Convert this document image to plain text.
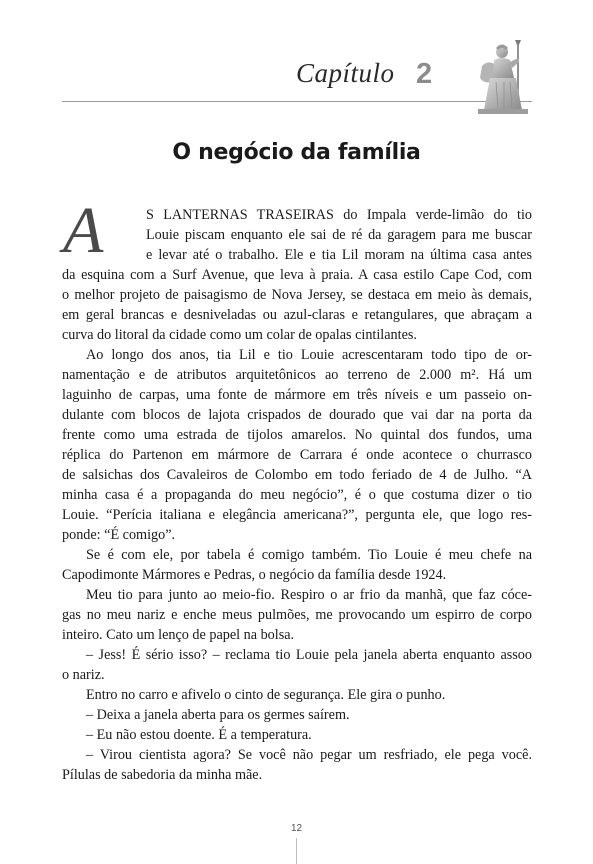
Capítulo 2
O negócio da família
A	S LANTERNAS TRASEIRAS do Impala verde-limão do tio
Louie piscam enquanto ele sai de ré da garagem para me buscar
e levar até o trabalho. Ele e tia Lil moram na última casa antes
da esquina com a Surf Avenue, que leva à praia. A casa estilo Cape Cod, com
o melhor projeto de paisagismo de Nova Jersey, se destaca em meio às demais,
em geral brancas e desniveladas ou azul-claras e retangulares, que abraçam a
curva do litoral da cidade como um colar de opalas cintilantes.
Ao longo dos anos, tia Lil e tio Louie acrescentaram todo tipo de or-
namentação e de atributos arquitetônicos ao terreno de 2.000 m². Há um
laguinho de carpas, uma fonte de mármore em três níveis e um passeio on-
dulante com blocos de lajota crispados de dourado que vai dar na porta da
frente como uma estrada de tijolos amarelos. No quintal dos fundos, uma
réplica do Partenon em mármore de Carrara é onde acontece o churrasco
de salsichas dos Cavaleiros de Colombo em todo feriado de 4 de Julho. “A
minha casa é a propaganda do meu negócio”, é o que costuma dizer o tio
Louie. “Perícia italiana e elegância americana?”, pergunta ele, que logo res-
ponde: “É comigo”.
Se é com ele, por tabela é comigo também. Tio Louie é meu chefe na
Capodimonte Mármores e Pedras, o negócio da família desde 1924.
Meu tio para junto ao meio-fio. Respiro o ar frio da manhã, que faz cóce-
gas no meu nariz e enche meus pulmões, me provocando um espirro de corpo
inteiro. Cato um lenço de papel na bolsa.
– Jess! É sério isso? – reclama tio Louie pela janela aberta enquanto assoo
o nariz.
Entro no carro e afivelo o cinto de segurança. Ele gira o punho.
– Deixa a janela aberta para os germes saírem.
– Eu não estou doente. É a temperatura.
– Virou cientista agora? Se você não pegar um resfriado, ele pega você.
Pílulas de sabedoria da minha mãe.
12
